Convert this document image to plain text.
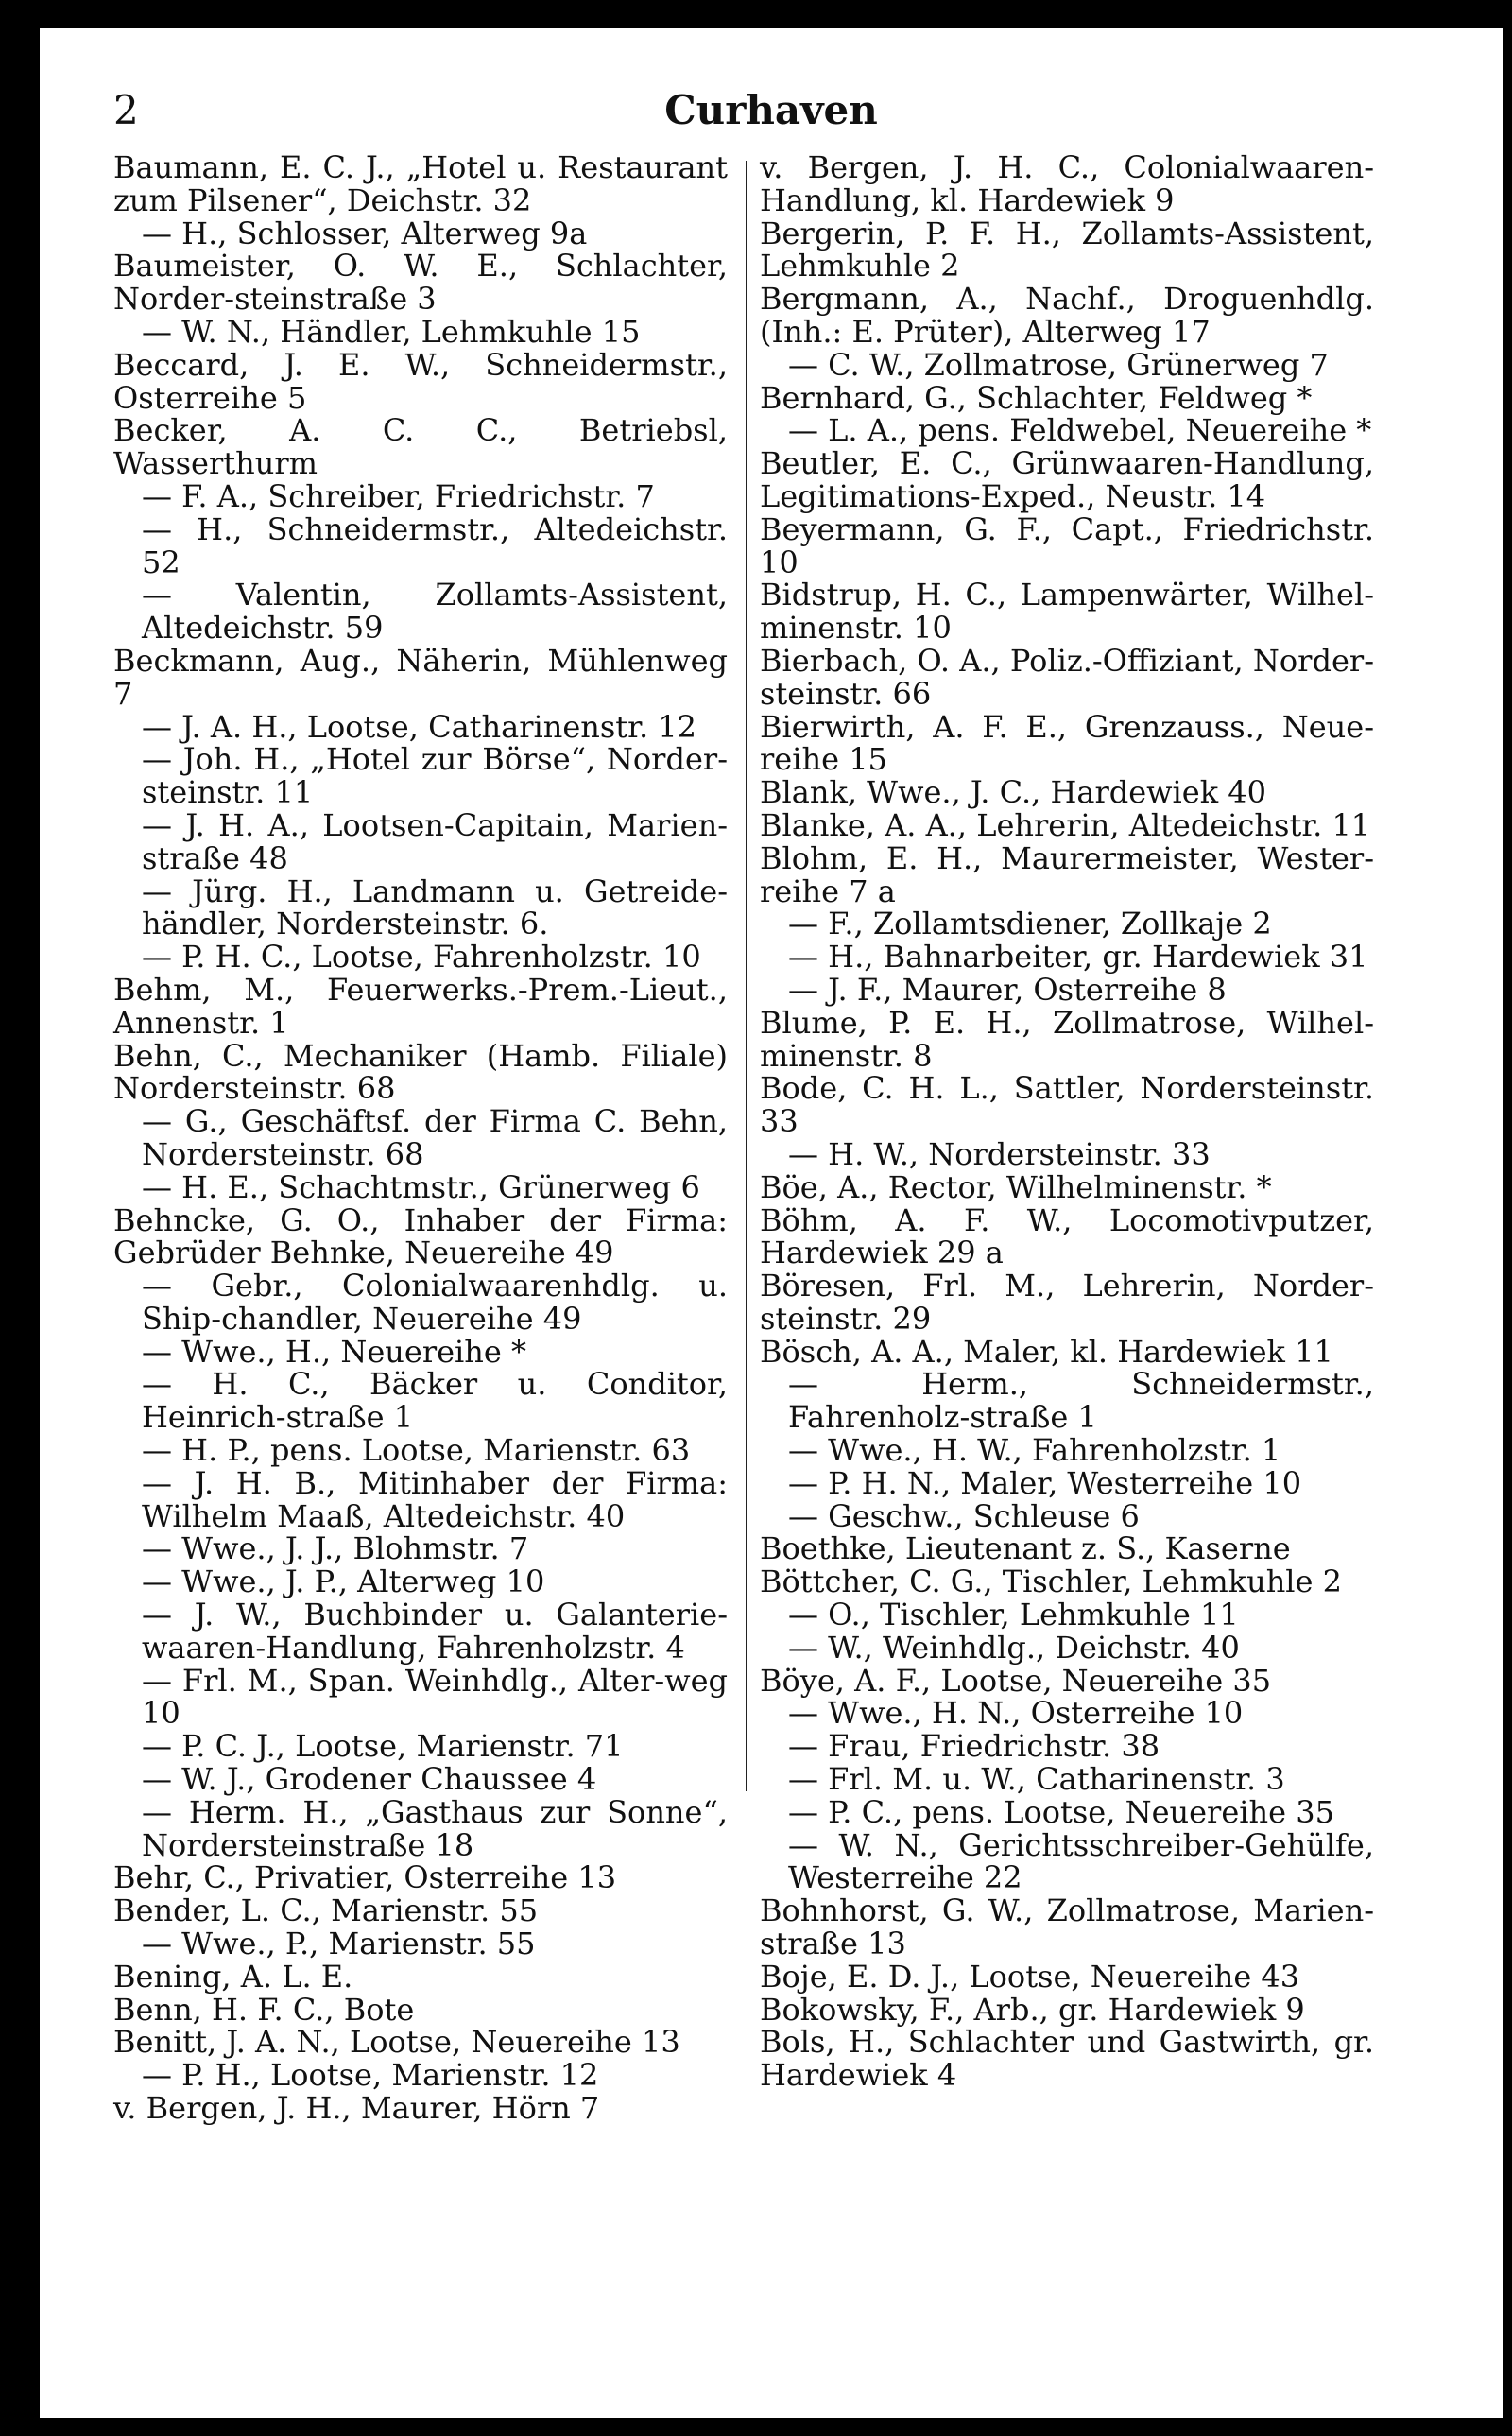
2	Curhaven

Baumann, E. C. J., „Hotel u. Restaurant zum Pilsener“, Deichstr. 32

— H., Schlosser, Alterweg 9a

Baumeister, O. W. E., Schlachter, Norder-steinstraße 3

— W. N., Händler, Lehmkuhle 15

Beccard, J. E. W., Schneidermstr., Osterreihe 5

Becker, A. C. C., Betriebsl, Wasserthurm

— F. A., Schreiber, Friedrichstr. 7

— H., Schneidermstr., Altedeichstr. 52

— Valentin, Zollamts-Assistent, Altedeichstr. 59

Beckmann, Aug., Näherin, Mühlenweg 7

— J. A. H., Lootse, Catharinenstr. 12

— Joh. H., „Hotel zur Börse“, Norder-steinstr. 11

— J. H. A., Lootsen-Capitain, Marien-straße 48

— Jürg. H., Landmann u. Getreide-händler, Nordersteinstr. 6.

— P. H. C., Lootse, Fahrenholzstr. 10

Behm, M., Feuerwerks.-Prem.-Lieut., Annenstr. 1

Behn, C., Mechaniker (Hamb. Filiale) Nordersteinstr. 68

— G., Geschäftsf. der Firma C. Behn, Nordersteinstr. 68

— H. E., Schachtmstr., Grünerweg 6

Behncke, G. O., Inhaber der Firma: Gebrüder Behnke, Neuereihe 49

— Gebr., Colonialwaarenhdlg. u. Ship-chandler, Neuereihe 49

— Wwe., H., Neuereihe *

— H. C., Bäcker u. Conditor, Heinrich-straße 1

— H. P., pens. Lootse, Marienstr. 63

— J. H. B., Mitinhaber der Firma: Wilhelm Maaß, Altedeichstr. 40

— Wwe., J. J., Blohmstr. 7

— Wwe., J. P., Alterweg 10

— J. W., Buchbinder u. Galanterie-waaren-Handlung, Fahrenholzstr. 4

— Frl. M., Span. Weinhdlg., Alter-weg 10

— P. C. J., Lootse, Marienstr. 71

— W. J., Grodener Chaussee 4

— Herm. H., „Gasthaus zur Sonne“, Nordersteinstraße 18

Behr, C., Privatier, Osterreihe 13

Bender, L. C., Marienstr. 55

— Wwe., P., Marienstr. 55

Bening, A. L. E.

Benn, H. F. C., Bote

Benitt, J. A. N., Lootse, Neuereihe 13

— P. H., Lootse, Marienstr. 12

v. Bergen, J. H., Maurer, Hörn 7

v. Bergen, J. H. C., Colonialwaaren-Handlung, kl. Hardewiek 9

Bergerin, P. F. H., Zollamts-Assistent, Lehmkuhle 2

Bergmann, A., Nachf., Droguenhdlg. (Inh.: E. Prüter), Alterweg 17

— C. W., Zollmatrose, Grünerweg 7

Bernhard, G., Schlachter, Feldweg *

— L. A., pens. Feldwebel, Neuereihe *

Beutler, E. C., Grünwaaren-Handlung, Legitimations-Exped., Neustr. 14

Beyermann, G. F., Capt., Friedrichstr. 10

Bidstrup, H. C., Lampenwärter, Wilhel-minenstr. 10

Bierbach, O. A., Poliz.-Offiziant, Norder-steinstr. 66

Bierwirth, A. F. E., Grenzauss., Neue-reihe 15

Blank, Wwe., J. C., Hardewiek 40

Blanke, A. A., Lehrerin, Altedeichstr. 11

Blohm, E. H., Maurermeister, Wester-reihe 7 a

— F., Zollamtsdiener, Zollkaje 2

— H., Bahnarbeiter, gr. Hardewiek 31

— J. F., Maurer, Osterreihe 8

Blume, P. E. H., Zollmatrose, Wilhel-minenstr. 8

Bode, C. H. L., Sattler, Nordersteinstr. 33

— H. W., Nordersteinstr. 33

Böe, A., Rector, Wilhelminenstr. *

Böhm, A. F. W., Locomotivputzer, Hardewiek 29 a

Böresen, Frl. M., Lehrerin, Norder-steinstr. 29

Bösch, A. A., Maler, kl. Hardewiek 11

— Herm., Schneidermstr., Fahrenholz-straße 1

— Wwe., H. W., Fahrenholzstr. 1

— P. H. N., Maler, Westerreihe 10

— Geschw., Schleuse 6

Boethke, Lieutenant z. S., Kaserne

Böttcher, C. G., Tischler, Lehmkuhle 2

— O., Tischler, Lehmkuhle 11

— W., Weinhdlg., Deichstr. 40

Böye, A. F., Lootse, Neuereihe 35

— Wwe., H. N., Osterreihe 10

— Frau, Friedrichstr. 38

— Frl. M. u. W., Catharinenstr. 3

— P. C., pens. Lootse, Neuereihe 35

— W. N., Gerichtsschreiber-Gehülfe, Westerreihe 22

Bohnhorst, G. W., Zollmatrose, Marien-straße 13

Boje, E. D. J., Lootse, Neuereihe 43

Bokowsky, F., Arb., gr. Hardewiek 9

Bols, H., Schlachter und Gastwirth, gr. Hardewiek 4
